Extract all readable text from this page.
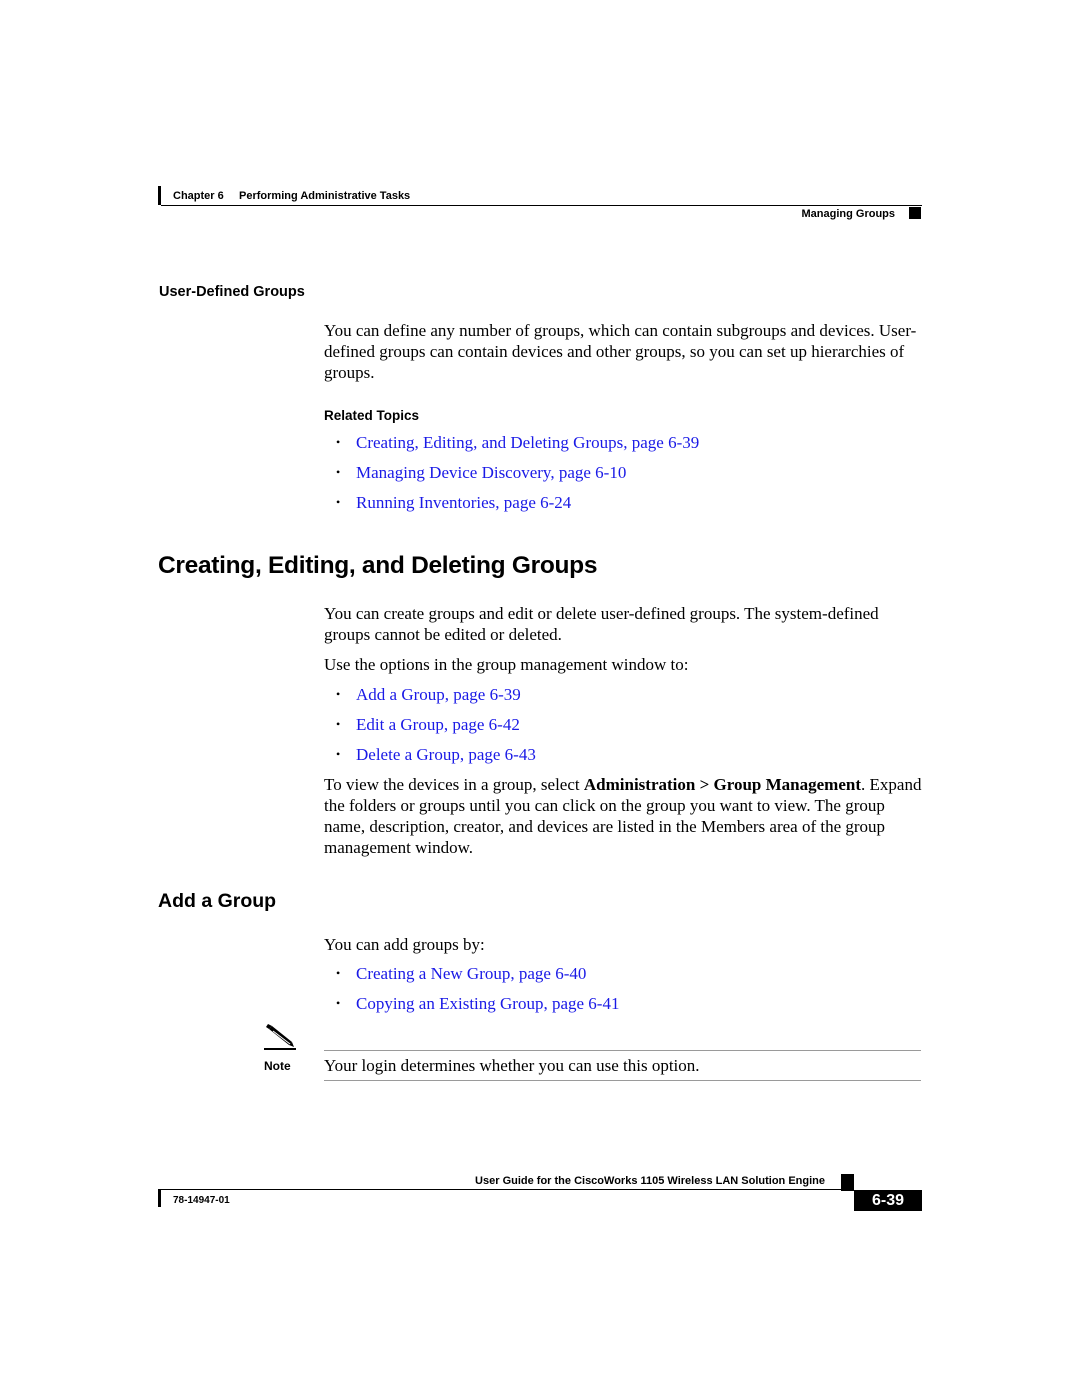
Chapter 6     Performing Administrative Tasks
Managing Groups
User-Defined Groups

You can define any number of groups, which can contain subgroups and devices. User-defined groups can contain devices and other groups, so you can set up hierarchies of groups.

Related Topics
• Creating, Editing, and Deleting Groups, page 6-39
• Managing Device Discovery, page 6-10
• Running Inventories, page 6-24
Creating, Editing, and Deleting Groups

You can create groups and edit or delete user-defined groups. The system-defined groups cannot be edited or deleted.

Use the options in the group management window to:

• Add a Group, page 6-39
• Edit a Group, page 6-42
• Delete a Group, page 6-43

To view the devices in a group, select Administration > Group Management. Expand the folders or groups until you can click on the group you want to view. The group name, description, creator, and devices are listed in the Members area of the group management window.

Add a Group

You can add groups by:

• Creating a New Group, page 6-40
• Copying an Existing Group, page 6-41
Note Your login determines whether you can use this option.
User Guide for the CiscoWorks 1105 Wireless LAN Solution Engine
78-14947-01	6-39
